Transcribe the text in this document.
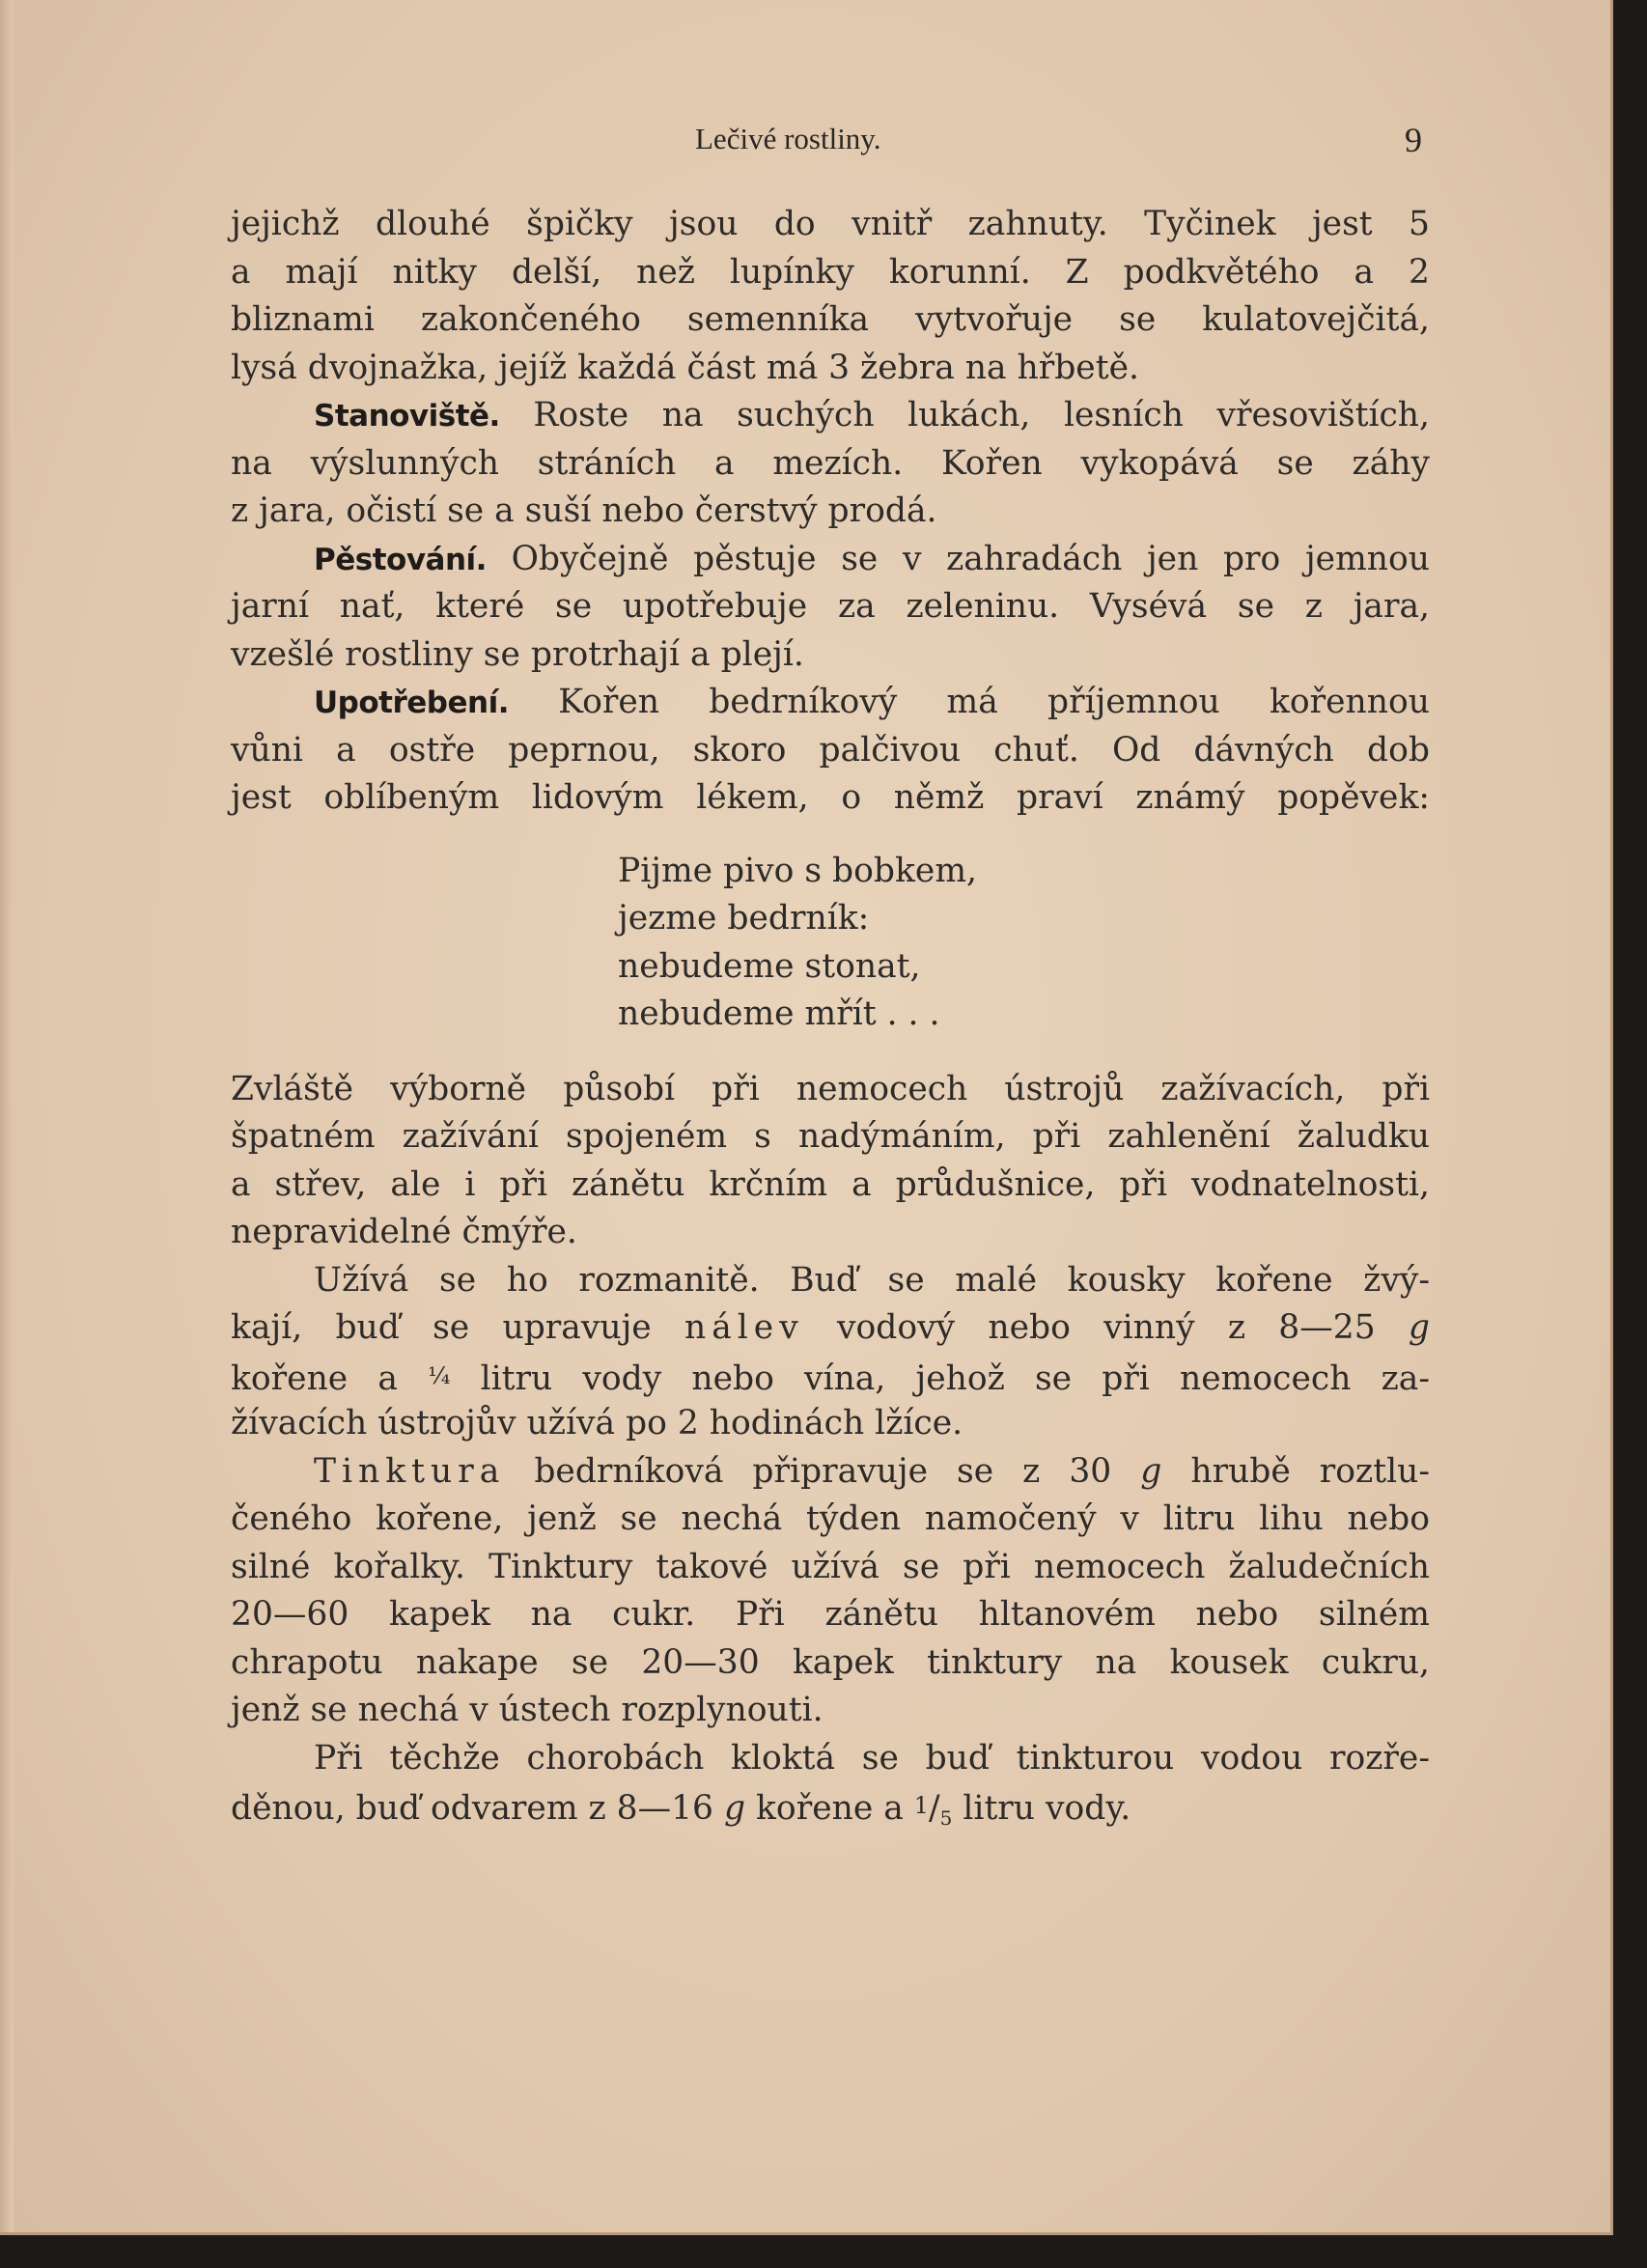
Lečivé rostliny.	9
jejichž dlouhé špičky jsou do vnitř zahnuty. Tyčinek jest 5
a mají nitky delší, než lupínky korunní. Z podkvětého a 2
bliznami zakončeného semenníka vytvořuje se kulatovejčitá,
lysá dvojnažka, jejíž každá část má 3 žebra na hřbetě.
Stanoviště. Roste na suchých lukách, lesních vřesovištích,
na výslunných stráních a mezích. Kořen vykopává se záhy
z jara, očistí se a suší nebo čerstvý prodá.
Pěstování. Obyčejně pěstuje se v zahradách jen pro jemnou
jarní nať, které se upotřebuje za zeleninu. Vysévá se z jara,
vzešlé rostliny se protrhají a plejí.
Upotřebení. Kořen bedrníkový má příjemnou kořennou
vůni a ostře peprnou, skoro palčivou chuť. Od dávných dob
jest oblíbeným lidovým lékem, o němž praví známý popěvek:
Pijme pivo s bobkem,
jezme bedrník:
nebudeme stonat,
nebudeme mřít . . .
Zvláště výborně působí při nemocech ústrojů zažívacích, při
špatném zažívání spojeném s nadýmáním, při zahlenění žaludku
a střev, ale i při zánětu krčním a průdušnice, při vodnatelnosti,
nepravidelné čmýře.
Užívá se ho rozmanitě. Buď se malé kousky kořene žvý-
kají, buď se upravuje nálev vodový nebo vinný z 8—25 g
kořene a ¹⁄₄ litru vody nebo vína, jehož se při nemocech za-
žívacích ústrojův užívá po 2 hodinách lžíce.
Tinktura bedrníková připravuje se z 30 g hrubě roztlu-
čeného kořene, jenž se nechá týden namočený v litru lihu nebo
silné kořalky. Tinktury takové užívá se při nemocech žaludečních
20—60 kapek na cukr. Při zánětu hltanovém nebo silném
chrapotu nakape se 20—30 kapek tinktury na kousek cukru,
jenž se nechá v ústech rozplynouti.
Při těchže chorobách kloktá se buď tinkturou vodou rozře-
děnou, buď odvarem z 8—16 g kořene a 1/5 litru vody.
